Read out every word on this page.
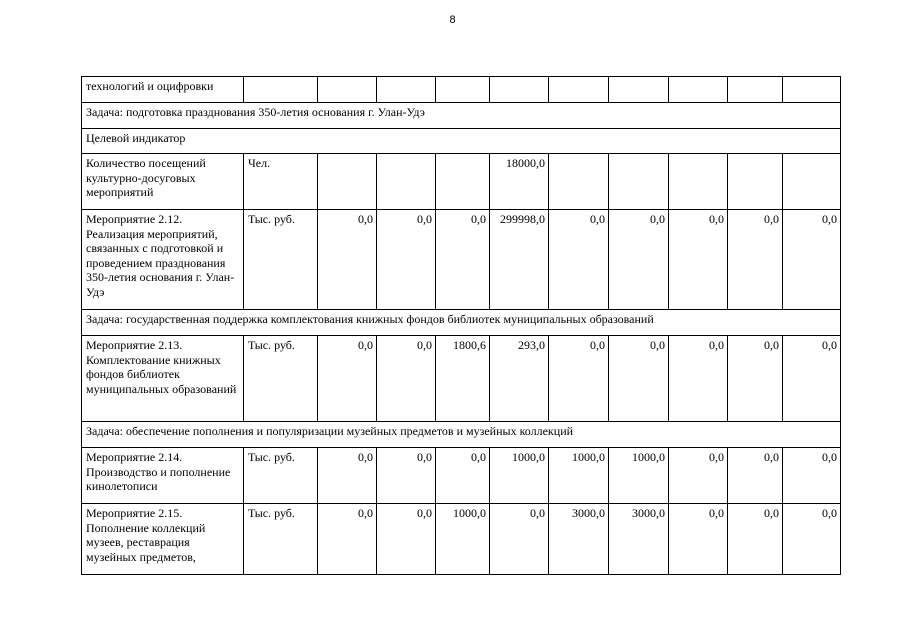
8
технологий и оцифровки										
Задача: подготовка празднования 350-летия основания г. Улан-Удэ										
Целевой индикатор										
Количество посещений культурно-досуговых мероприятий	Чел.				18000,0					
Мероприятие 2.12. Реализация мероприятий, связанных с подготовкой и проведением празднования 350-летия основания г. Улан-Удэ	Тыс. руб.	0,0	0,0	0,0	299998,0	0,0	0,0	0,0	0,0	0,0
Задача: государственная поддержка комплектования книжных фондов библиотек муниципальных образований										
Мероприятие 2.13. Комплектование книжных фондов библиотек муниципальных образований	Тыс. руб.	0,0	0,0	1800,6	293,0	0,0	0,0	0,0	0,0	0,0
Задача: обеспечение пополнения и популяризации музейных предметов и музейных коллекций										
Мероприятие 2.14. Производство и пополнение кинолетописи	Тыс. руб.	0,0	0,0	0,0	1000,0	1000,0	1000,0	0,0	0,0	0,0
Мероприятие 2.15. Пополнение коллекций музеев, реставрация музейных предметов,	Тыс. руб.	0,0	0,0	1000,0	0,0	3000,0	3000,0	0,0	0,0	0,0
